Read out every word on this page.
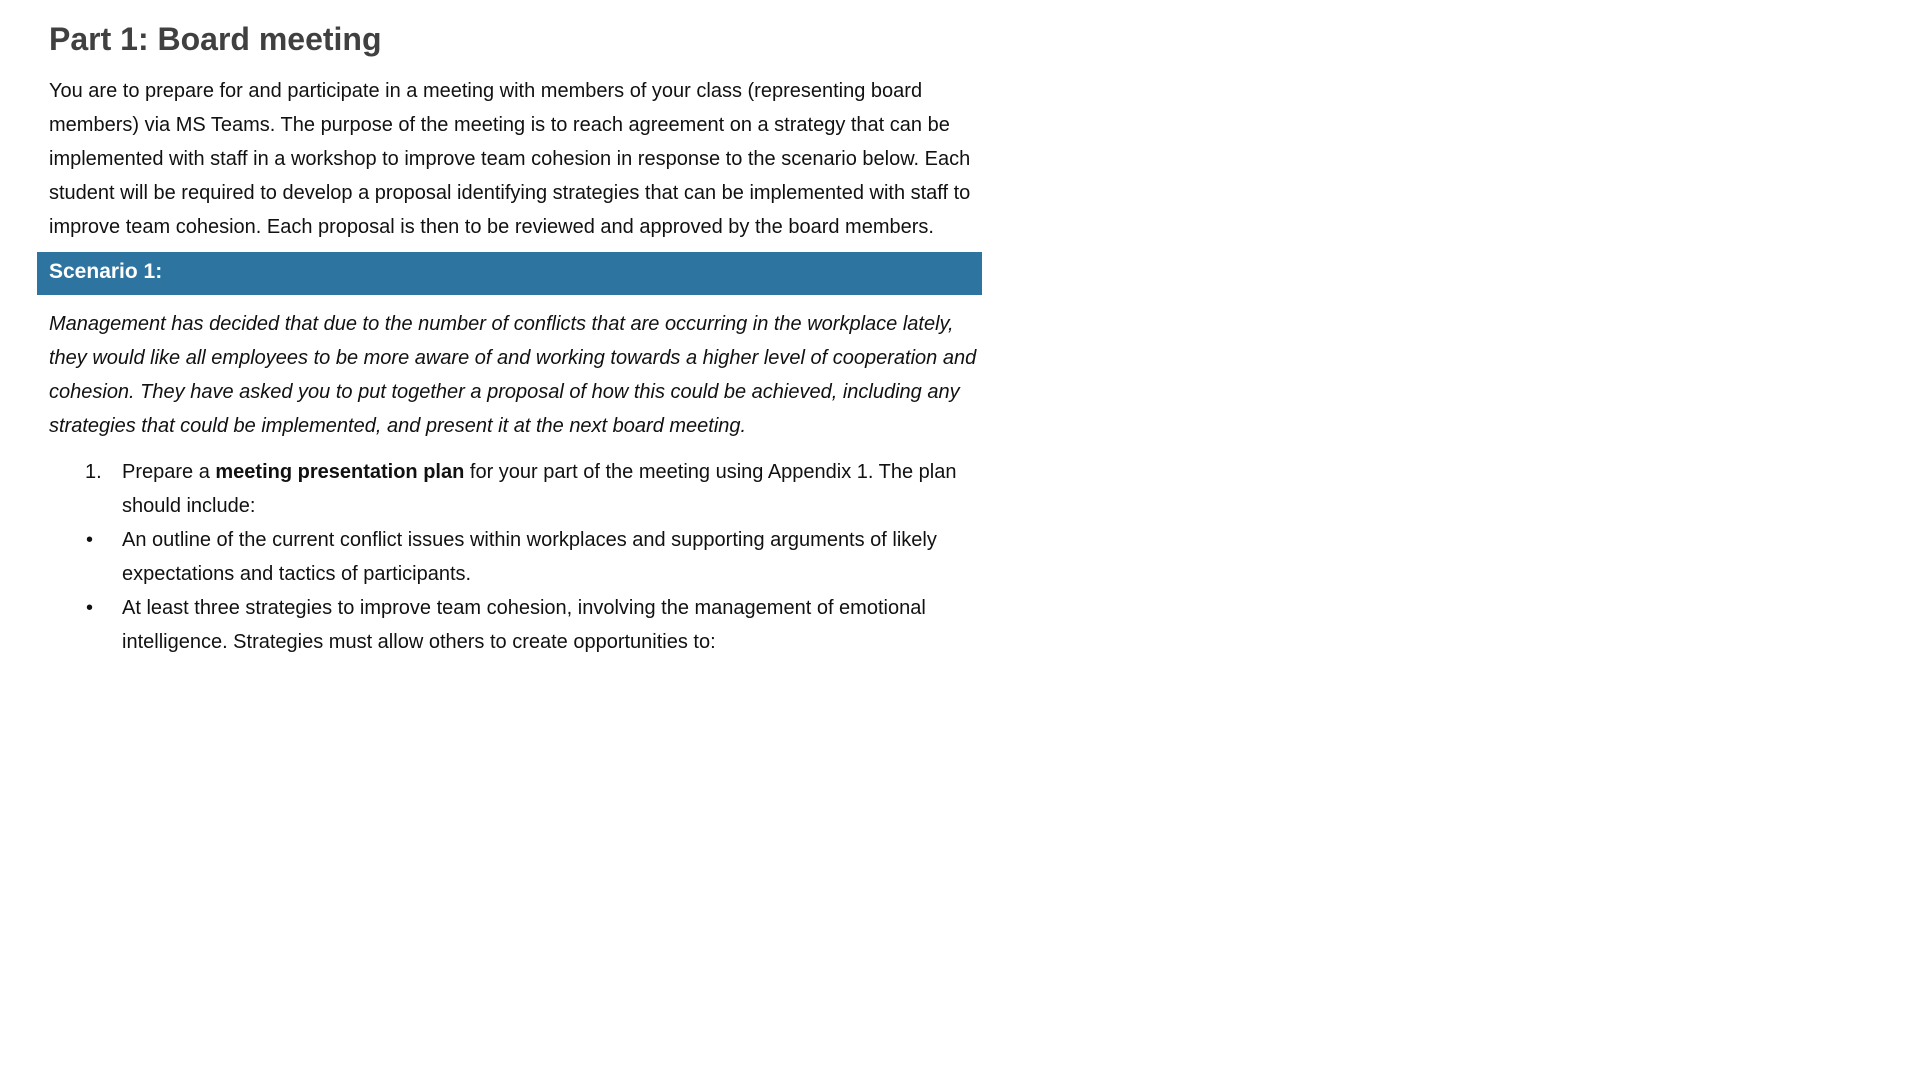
Part 1: Board meeting

You are to prepare for and participate in a meeting with members of your class (representing board members) via MS Teams. The purpose of the meeting is to reach agreement on a strategy that can be implemented with staff in a workshop to improve team cohesion in response to the scenario below. Each student will be required to develop a proposal identifying strategies that can be implemented with staff to improve team cohesion. Each proposal is then to be reviewed and approved by the board members.

Scenario 1:

Management has decided that due to the number of conflicts that are occurring in the workplace lately, they would like all employees to be more aware of and working towards a higher level of cooperation and cohesion. They have asked you to put together a proposal of how this could be achieved, including any strategies that could be implemented, and present it at the next board meeting.

1. Prepare a meeting presentation plan for your part of the meeting using Appendix 1. The plan should include:
• An outline of the current conflict issues within workplaces and supporting arguments of likely expectations and tactics of participants.
• At least three strategies to improve team cohesion, involving the management of emotional intelligence. Strategies must allow others to create opportunities to:
